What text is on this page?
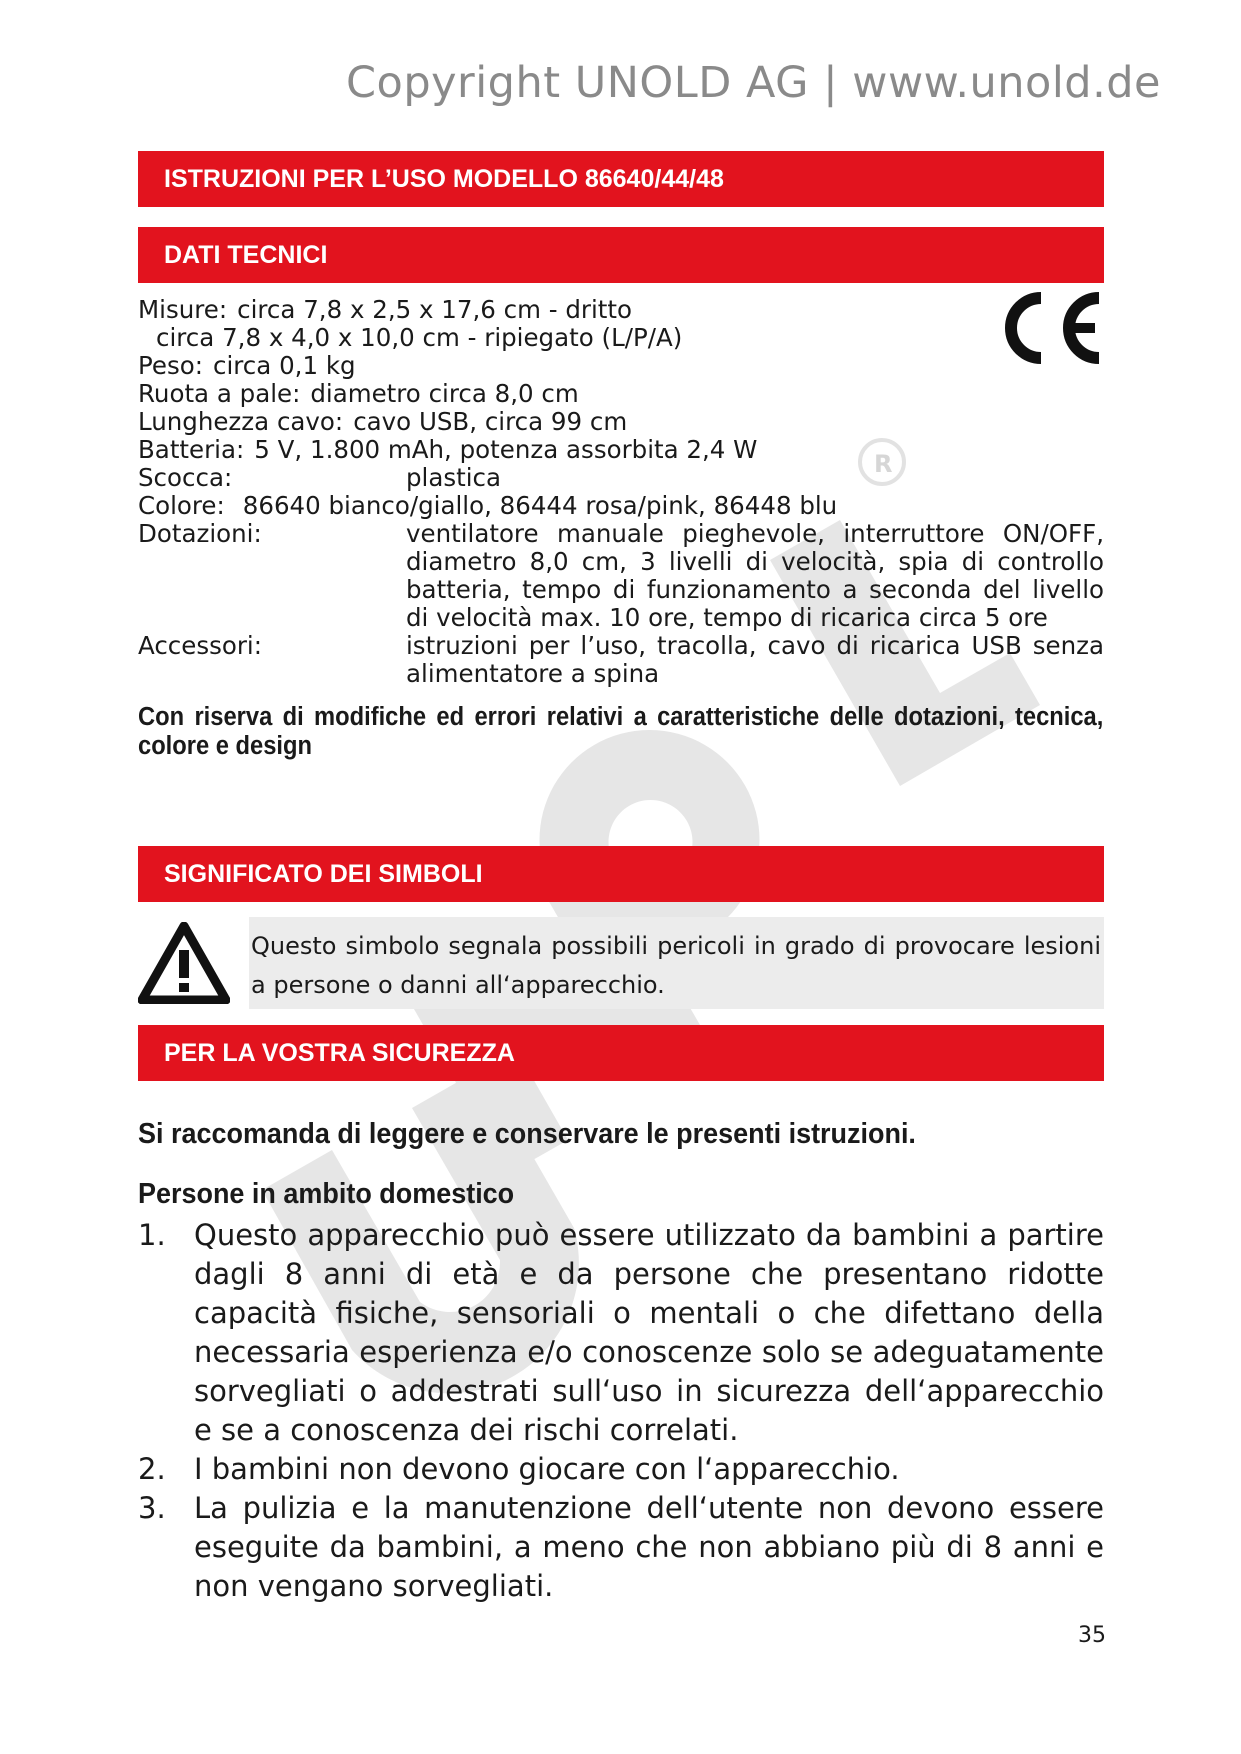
R
Copyright UNOLD AG | www.unold.de
ISTRUZIONI PER L’USO MODELLO 86640/44/48
DATI TECNICI
Misure: circa 7,8 x 2,5 x 17,6 cm - dritto
circa 7,8 x 4,0 x 10,0 cm - ripiegato (L/P/A)
Peso: circa 0,1 kg
Ruota a pale: diametro circa 8,0 cm
Lunghezza cavo: cavo USB, circa 99 cm
Batteria: 5 V, 1.800 mAh, potenza assorbita 2,4 W
Scocca:	plastica
Colore: 86640 bianco/giallo, 86444 rosa/pink, 86448 blu
Dotazioni:	ventilatore manuale pieghevole, interruttore ON/OFF, diametro 8,0 cm, 3 livelli di velocità, spia di controllo batteria, tempo di funzionamento a seconda del livello di velocità max. 10 ore, tempo di ricarica circa 5 ore
Accessori:	istruzioni per l’uso, tracolla, cavo di ricarica USB senza alimentatore a spina
Con riserva di modifiche ed errori relativi a caratteristiche delle dotazioni, tecnica, colore e design
SIGNIFICATO DEI SIMBOLI
Questo simbolo segnala possibili pericoli in grado di provocare lesioni a persone o danni all‘apparecchio.
PER LA VOSTRA SICUREZZA
Si raccomanda di leggere e conservare le presenti istruzioni.
Persone in ambito domestico
1. Questo apparecchio può essere utilizzato da bambini a partire dagli 8 anni di età e da persone che presentano ridotte capacità fisiche, sensoriali o mentali o che difettano della necessaria esperienza e/o conoscenze solo se adeguatamente sorvegliati o addestrati sull‘uso in sicurezza dell‘apparecchio e se a conoscenza dei rischi correlati.
2. I bambini non devono giocare con l‘apparecchio.
3. La pulizia e la manutenzione dell‘utente non devono essere eseguite da bambini, a meno che non abbiano più di 8 anni e non vengano sorvegliati.
35
